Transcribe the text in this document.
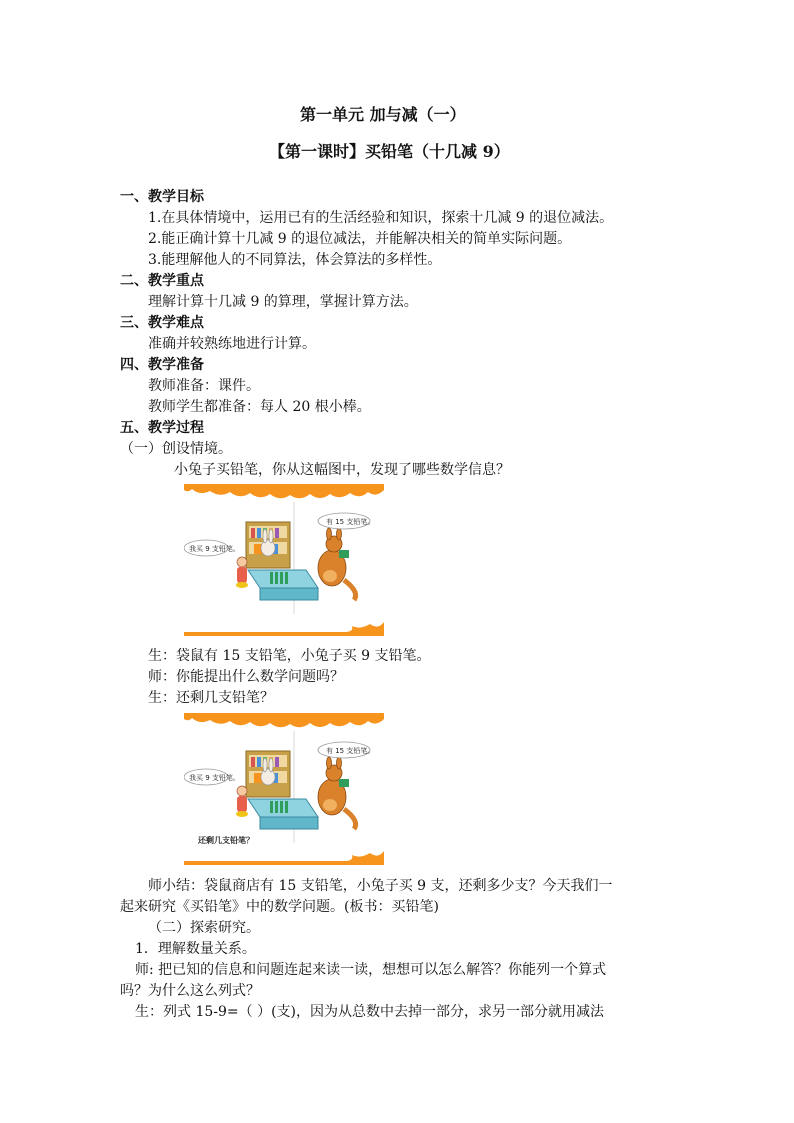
第一单元 加与减（一）
【第一课时】买铅笔（十几减 9）
一、教学目标
1.在具体情境中，运用已有的生活经验和知识，探索十几减 9 的退位减法。
2.能正确计算十几减 9 的退位减法，并能解决相关的简单实际问题。
3.能理解他人的不同算法，体会算法的多样性。
二、教学重点
理解计算十几减 9 的算理，掌握计算方法。
三、教学难点
准确并较熟练地进行计算。
四、教学准备
教师准备：课件。
教师学生都准备：每人 20 根小棒。
五、教学过程
（一）创设情境。
小兔子买铅笔，你从这幅图中，发现了哪些数学信息？
有 15 支铅笔。
我买 9 支铅笔。
生：袋鼠有 15 支铅笔，小兔子买 9 支铅笔。
师：你能提出什么数学问题吗？
生：还剩几支铅笔？
有 15 支铅笔。
我买 9 支铅笔。
还剩几支铅笔？
师小结：袋鼠商店有 15 支铅笔，小兔子买 9 支，还剩多少支？今天我们一
起来研究《买铅笔》中的数学问题。(板书：买铅笔)
（二）探索研究。
1．理解数量关系。
师: 把已知的信息和问题连起来读一读，想想可以怎么解答？你能列一个算式
吗？为什么这么列式？
生：列式 15-9=（ ）(支)，因为从总数中去掉一部分，求另一部分就用减法
